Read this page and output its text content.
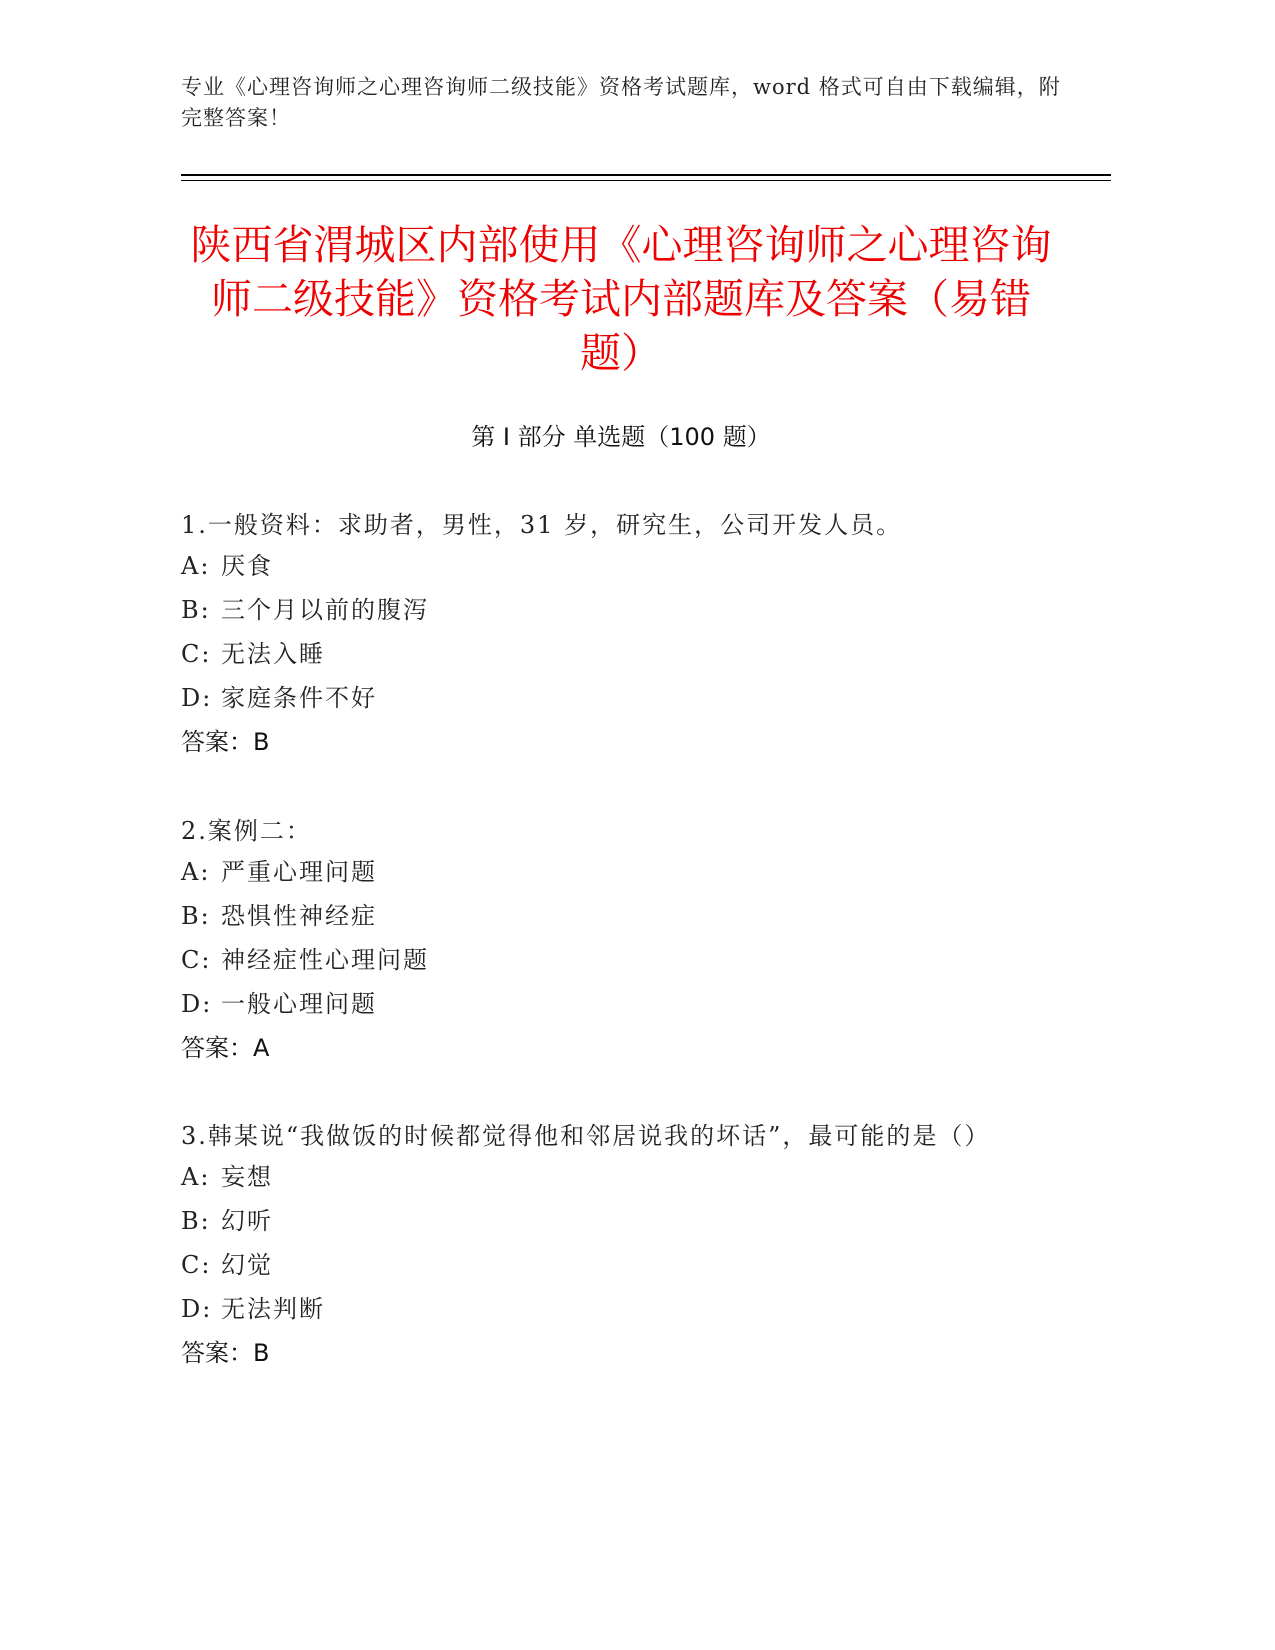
专业《心理咨询师之心理咨询师二级技能》资格考试题库，word 格式可自由下载编辑，附完整答案！
陕西省渭城区内部使用《心理咨询师之心理咨询师二级技能》资格考试内部题库及答案（易错题）
第 I 部分 单选题（100 题）

1.一般资料：求助者，男性，31 岁，研究生，公司开发人员。

A: 厌食

B: 三个月以前的腹泻

C: 无法入睡

D: 家庭条件不好

答案：B

2.案例二：

A: 严重心理问题

B: 恐惧性神经症

C: 神经症性心理问题

D: 一般心理问题

答案：A

3.韩某说“我做饭的时候都觉得他和邻居说我的坏话”，最可能的是（）

A: 妄想

B: 幻听

C: 幻觉

D: 无法判断

答案：B
